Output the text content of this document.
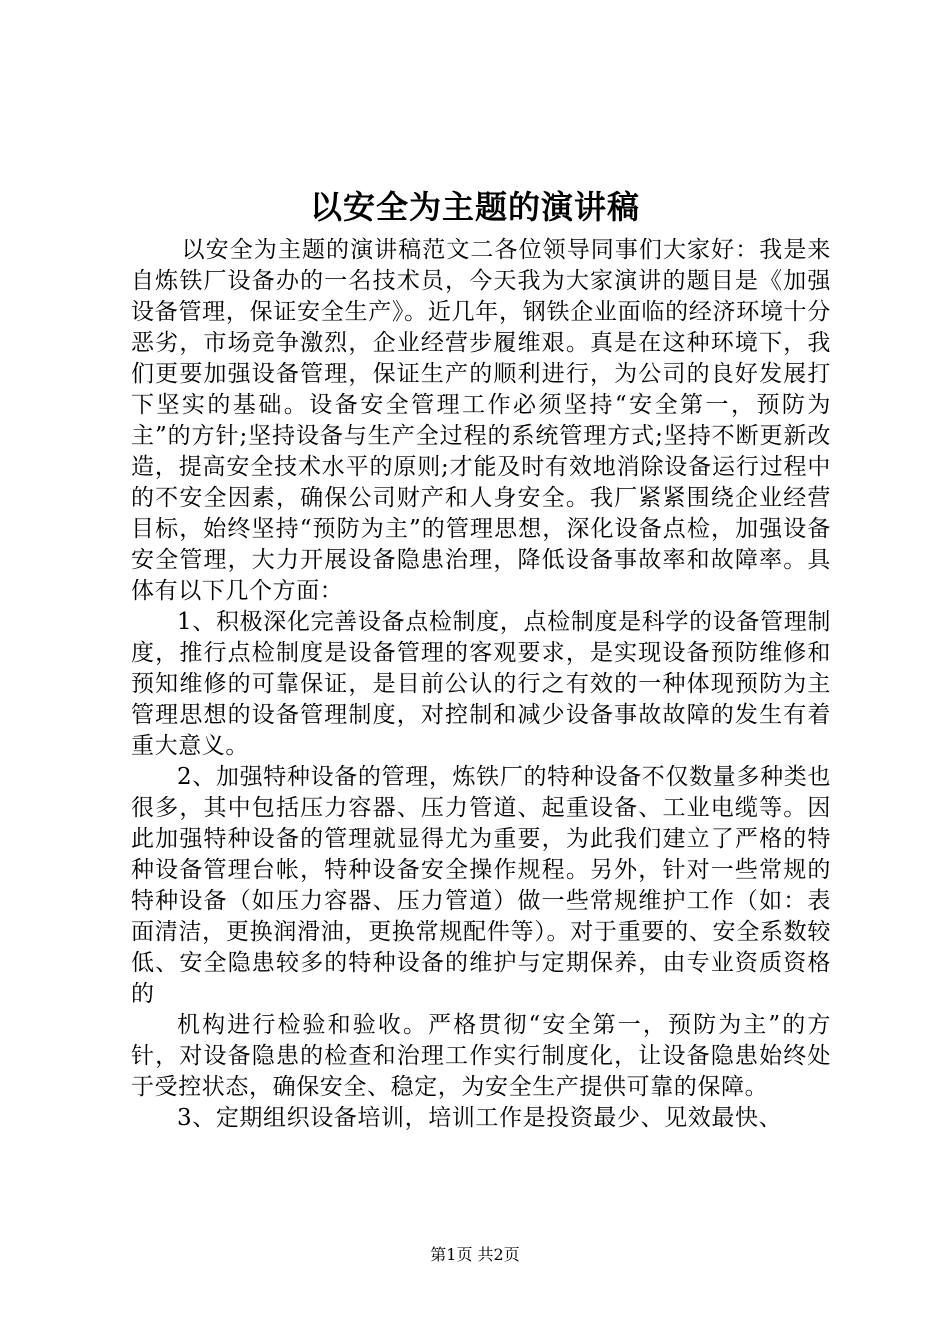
以安全为主题的演讲稿

以安全为主题的演讲稿范文二各位领导同事们大家好：我是来自炼铁厂设备办的一名技术员，今天我为大家演讲的题目是《加强设备管理，保证安全生产》。近几年，钢铁企业面临的经济环境十分恶劣，市场竞争激烈，企业经营步履维艰。真是在这种环境下，我们更要加强设备管理，保证生产的顺利进行，为公司的良好发展打下坚实的基础。设备安全管理工作必须坚持“安全第一，预防为主”的方针;坚持设备与生产全过程的系统管理方式;坚持不断更新改造，提高安全技术水平的原则;才能及时有效地消除设备运行过程中的不安全因素，确保公司财产和人身安全。我厂紧紧围绕企业经营目标，始终坚持“预防为主”的管理思想，深化设备点检，加强设备安全管理，大力开展设备隐患治理，降低设备事故率和故障率。具体有以下几个方面：

1、积极深化完善设备点检制度，点检制度是科学的设备管理制度，推行点检制度是设备管理的客观要求，是实现设备预防维修和预知维修的可靠保证，是目前公认的行之有效的一种体现预防为主管理思想的设备管理制度，对控制和减少设备事故故障的发生有着重大意义。

2、加强特种设备的管理，炼铁厂的特种设备不仅数量多种类也很多，其中包括压力容器、压力管道、起重设备、工业电缆等。因此加强特种设备的管理就显得尤为重要，为此我们建立了严格的特种设备管理台帐，特种设备安全操作规程。另外，针对一些常规的特种设备（如压力容器、压力管道）做一些常规维护工作（如：表面清洁，更换润滑油，更换常规配件等）。对于重要的、安全系数较低、安全隐患较多的特种设备的维护与定期保养，由专业资质资格的

机构进行检验和验收。严格贯彻“安全第一，预防为主”的方针，对设备隐患的检查和治理工作实行制度化，让设备隐患始终处于受控状态，确保安全、稳定，为安全生产提供可靠的保障。

3、定期组织设备培训，培训工作是投资最少、见效最快、

第1页 共2页
